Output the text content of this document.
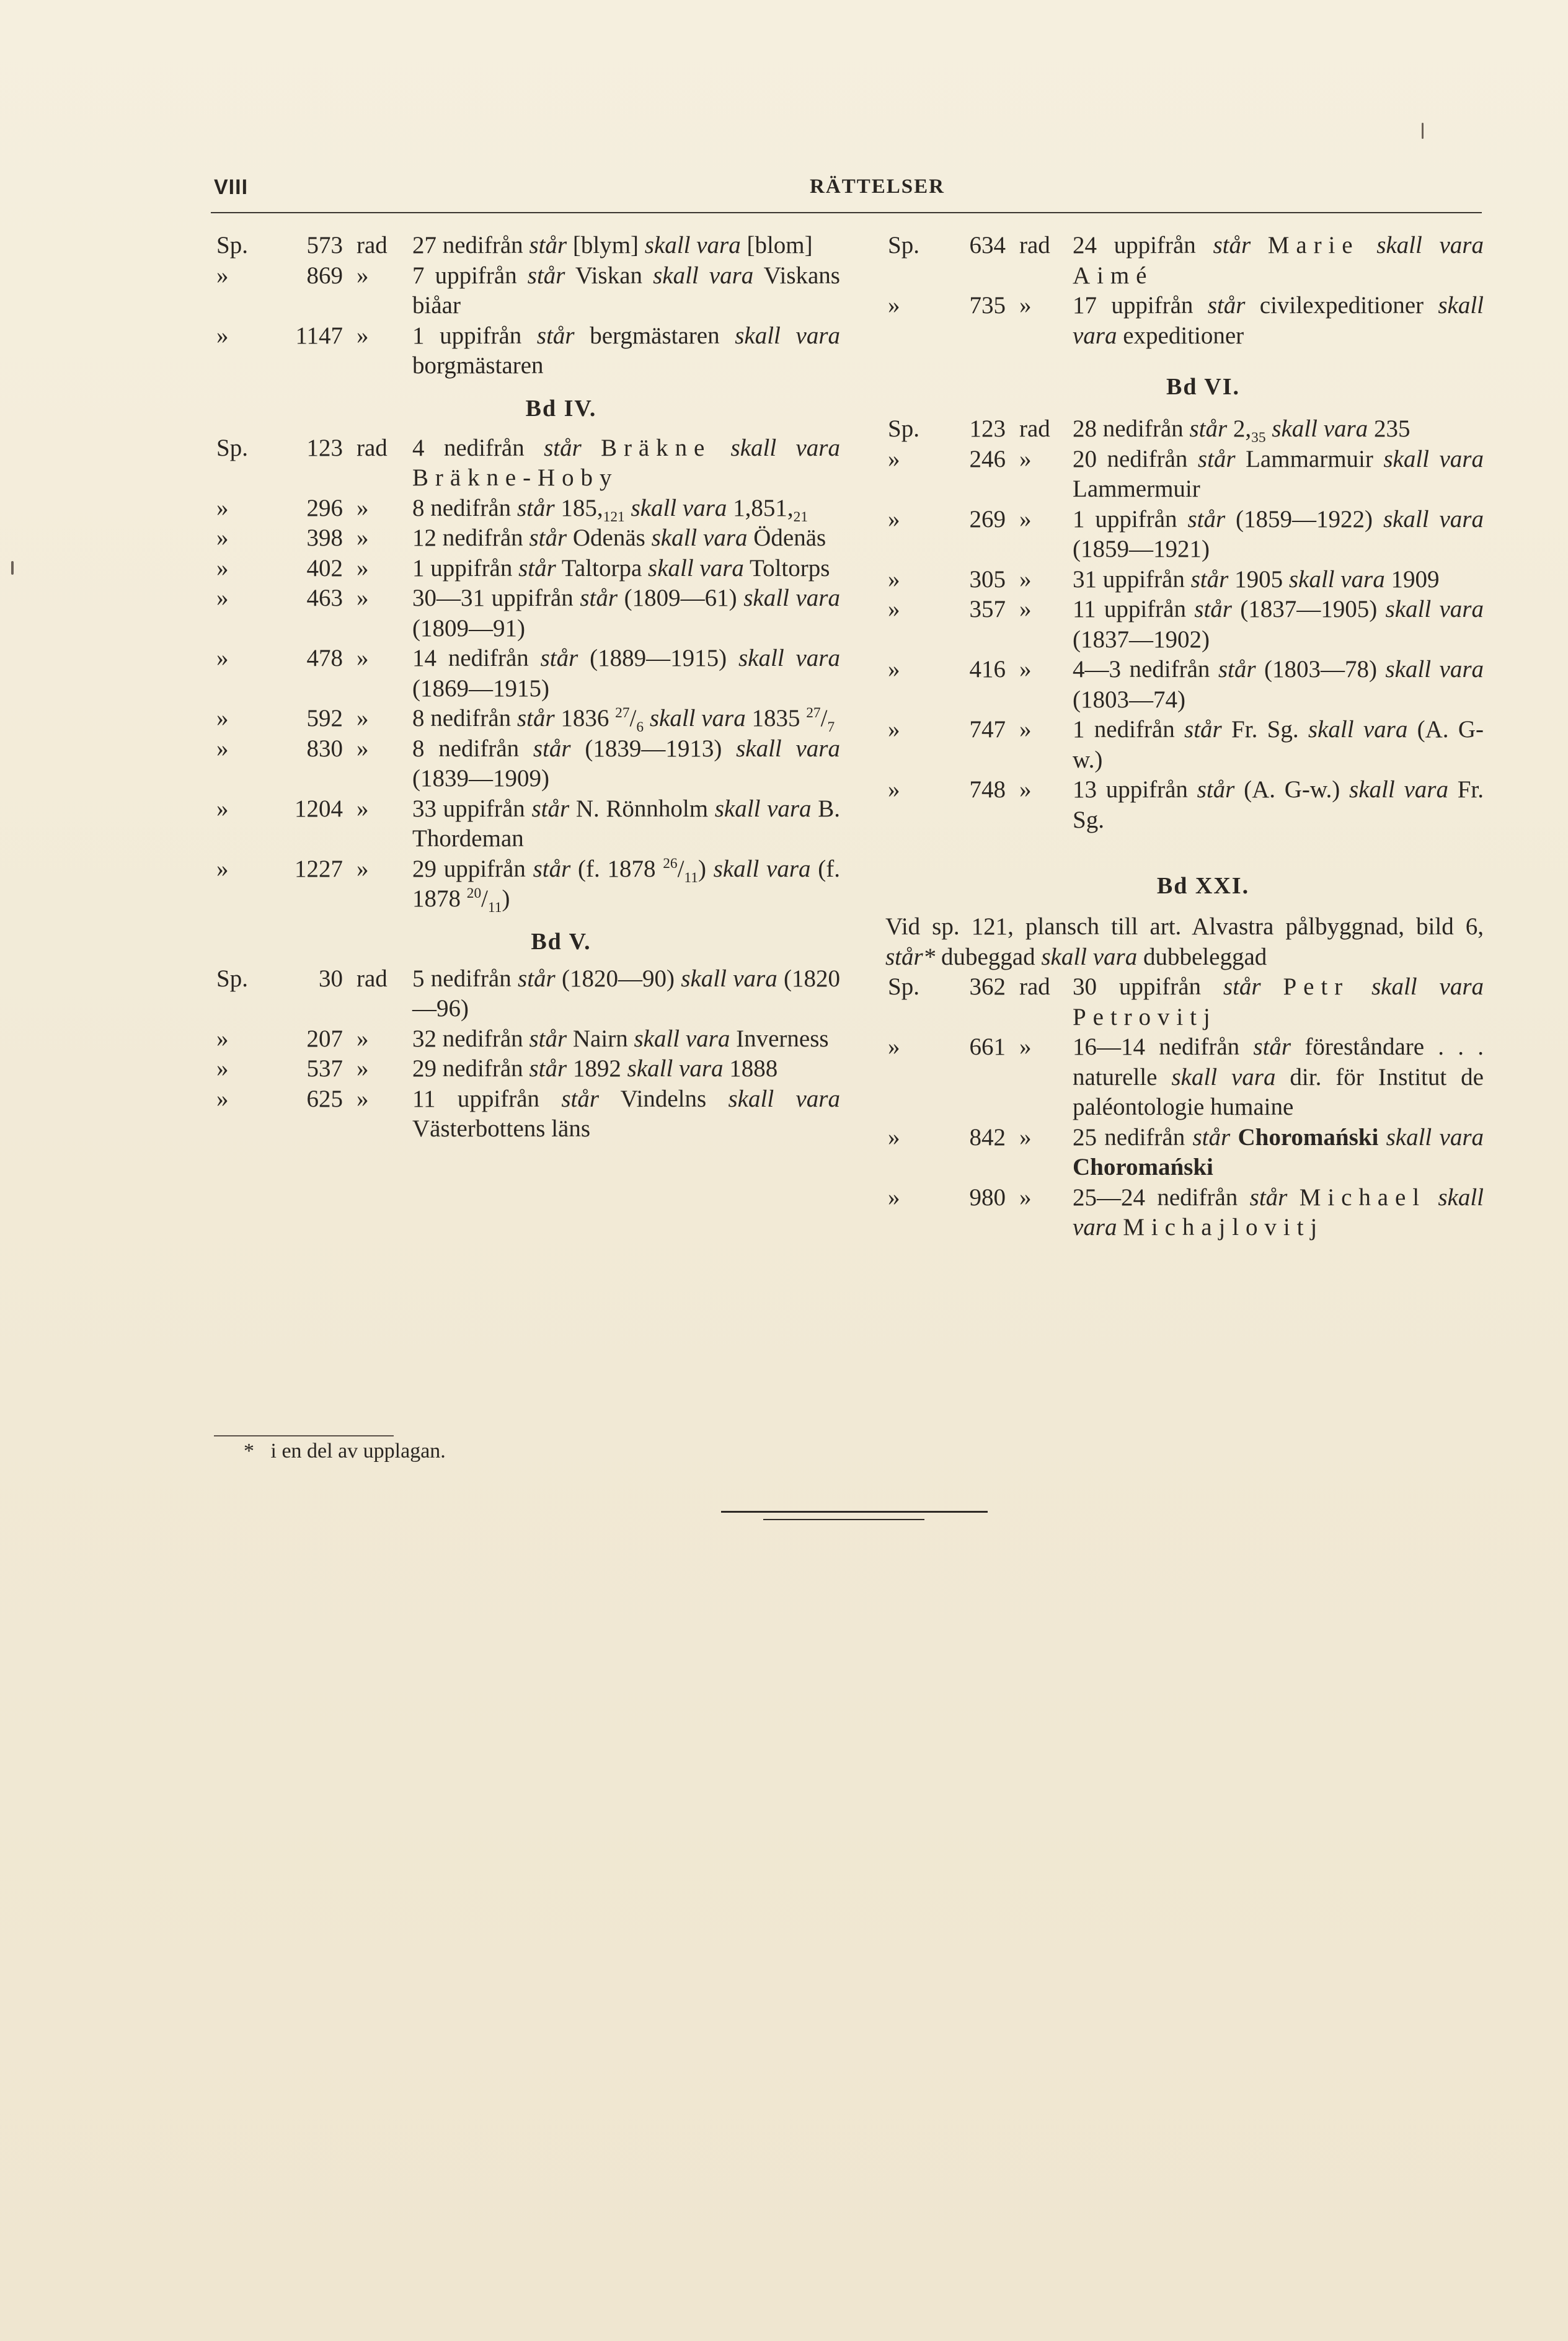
VIII	RÄTTELSER
Sp.	573 rad	27 nedifrån står [blym] skall vara [blom]
»	869 »	7 uppifrån står Viskan skall vara Viskans biåar
»	1147 »	1 uppifrån står bergmästaren skall vara borgmästaren
Bd IV.
Sp.	123 rad	4 nedifrån står Bräkne skall vara Bräkne-Hoby
»	296 »	8 nedifrån står $185,_{121}$ skall vara $1,851,_{21}$
»	398 »	12 nedifrån står Odenäs skall vara Ödenäs
»	402 »	1 uppifrån står Taltorpa skall vara Toltorps
»	463 »	30—31 uppifrån står (1809—61) skall vara (1809—91)
»	478 »	14 nedifrån står (1889—1915) skall vara (1869—1915)
»	592 »	8 nedifrån står 1836 $^{27}/_6$ skall vara 1835 $^{27}/_7$
»	830 »	8 nedifrån står (1839—1913) skall vara (1839—1909)
»	1204 »	33 uppifrån står N. Rönnholm skall vara B. Thordeman
»	1227 »	29 uppifrån står (f. 1878 $^{26}/_{11}$) skall vara (f. 1878 $^{20}/_{11}$)
Bd V.
Sp.	30 rad	5 nedifrån står (1820—90) skall vara (1820—96)
»	207 »	32 nedifrån står Nairn skall vara Inverness
»	537 »	29 nedifrån står 1892 skall vara 1888
»	625 »	11 uppifrån står Vindelns skall vara Västerbottens läns
Sp.	634 rad 24 uppifrån står Marie skall vara Aimé
»	735 »	17 uppifrån står civilexpeditioner skall vara expeditioner
Bd VI.
Sp.	123 rad 28 nedifrån står $2,_{35}$ skall vara 235
»	246 »	20 nedifrån står Lammarmuir skall vara Lammermuir
»	269 »	1 uppifrån står (1859—1922) skall vara (1859—1921)
»	305 »	31 uppifrån står 1905 skall vara 1909
»	357 »	11 uppifrån står (1837—1905) skall vara (1837—1902)
»	416 »	4—3 nedifrån står (1803—78) skall vara (1803—74)
»	747 »	1 nedifrån står Fr. Sg. skall vara (A. G-w.)
»	748 »	13 uppifrån står (A. G-w.) skall vara Fr. Sg.
Bd XXI.
Vid sp. 121, plansch till art. Alvastra pålbyggnad, bild 6, står* dubeggad skall vara dubbeleggad
Sp.	362 rad 30 uppifrån står Petr skall vara Petrovitj
»	661 »	16—14 nedifrån står föreståndare . . . naturelle skall vara dir. för Institut de paléontologie humaine
»	842 »	25 nedifrån står Choromański skall vara Choromański
»	980 »	25—24 nedifrån står Michael skall vara Michajlovitj
* i en del av upplagan.
